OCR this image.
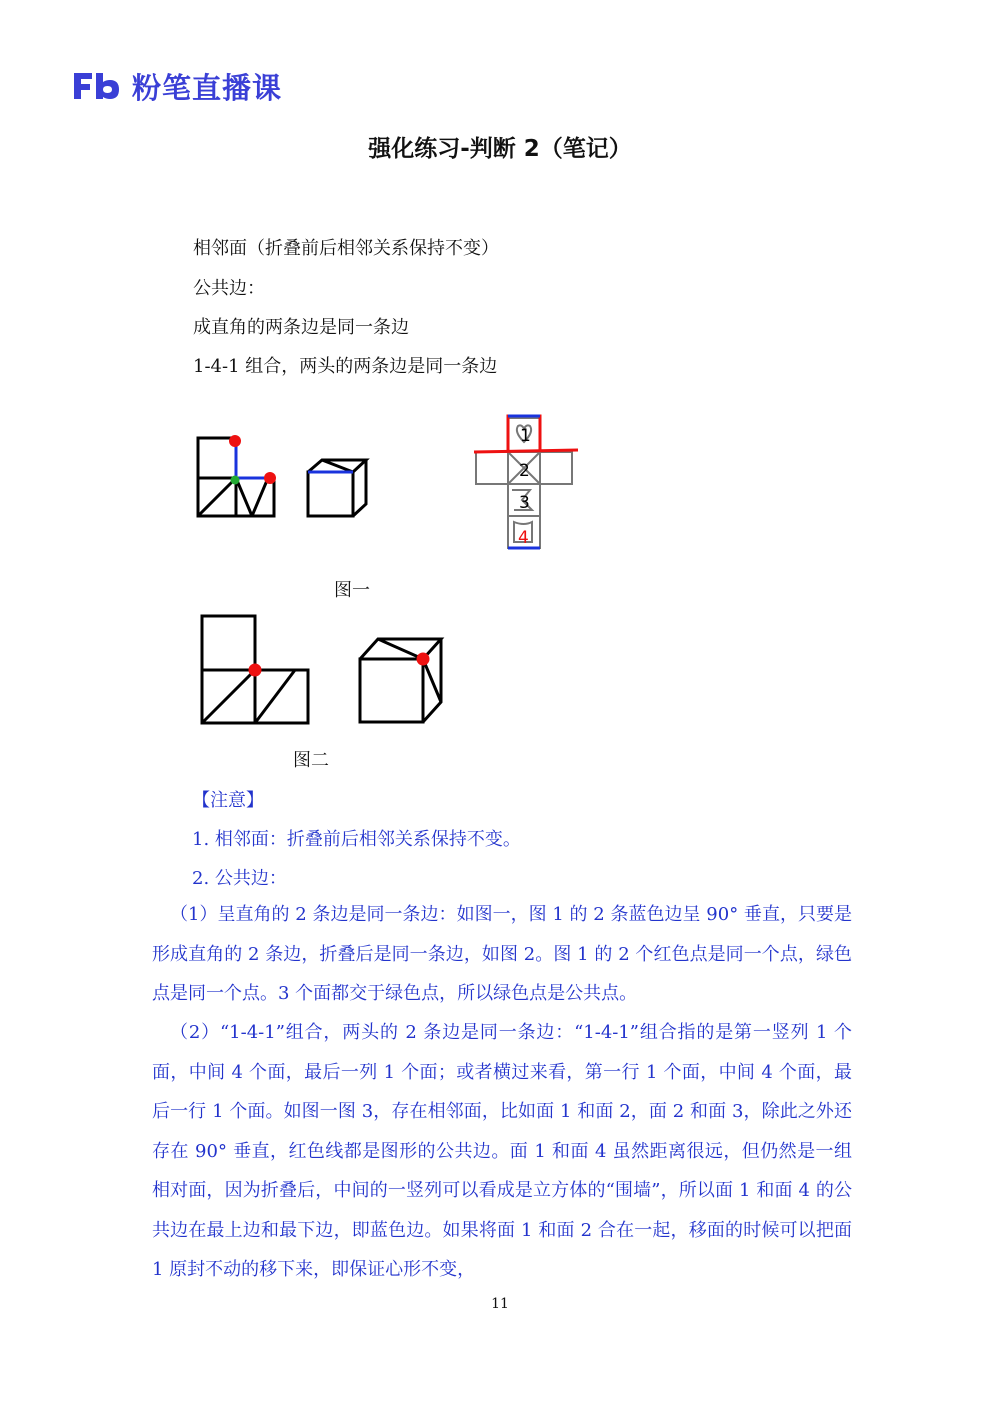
粉笔直播课
强化练习-判断 2（笔记）
相邻面（折叠前后相邻关系保持不变）
公共边：
成直角的两条边是同一条边
1-4-1 组合，两头的两条边是同一条边
1
2
3
4
图一
图二
【注意】
1. 相邻面：折叠前后相邻关系保持不变。
2. 公共边：
（1）呈直角的 2 条边是同一条边：如图一，图 1 的 2 条蓝色边呈 90° 垂直，只要是形成直角的 2 条边，折叠后是同一条边，如图 2。图 1 的 2 个红色点是同一个点，绿色点是同一个点。3 个面都交于绿色点，所以绿色点是公共点。
（2）“1-4-1”组合，两头的 2 条边是同一条边：“1-4-1”组合指的是第一竖列 1 个面，中间 4 个面，最后一列 1 个面；或者横过来看，第一行 1 个面，中间 4 个面，最后一行 1 个面。如图一图 3，存在相邻面，比如面 1 和面 2，面 2 和面 3，除此之外还存在 90° 垂直，红色线都是图形的公共边。面 1 和面 4 虽然距离很远，但仍然是一组相对面，因为折叠后，中间的一竖列可以看成是立方体的“围墙”，所以面 1 和面 4 的公共边在最上边和最下边，即蓝色边。如果将面 1 和面 2 合在一起，移面的时候可以把面 1 原封不动的移下来，即保证心形不变，
11
